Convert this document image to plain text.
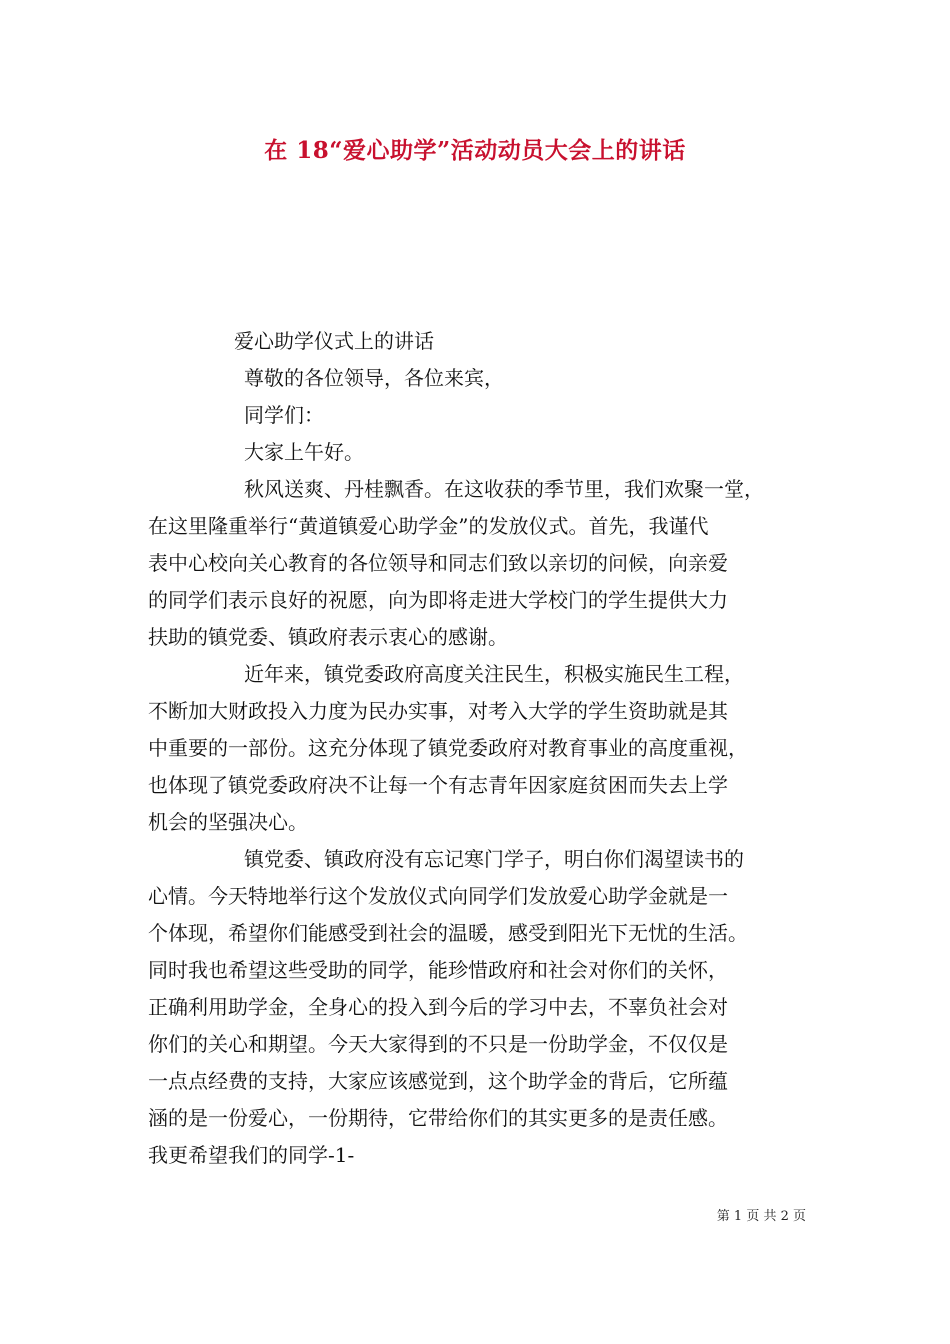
在 18“爱心助学”活动动员大会上的讲话
爱心助学仪式上的讲话
尊敬的各位领导，各位来宾，
同学们：
大家上午好。
秋风送爽、丹桂飘香。在这收获的季节里，我们欢聚一堂，
在这里隆重举行“黄道镇爱心助学金”的发放仪式。首先，我谨代
表中心校向关心教育的各位领导和同志们致以亲切的问候，向亲爱
的同学们表示良好的祝愿，向为即将走进大学校门的学生提供大力
扶助的镇党委、镇政府表示衷心的感谢。
近年来，镇党委政府高度关注民生，积极实施民生工程，
不断加大财政投入力度为民办实事，对考入大学的学生资助就是其
中重要的一部份。这充分体现了镇党委政府对教育事业的高度重视，
也体现了镇党委政府决不让每一个有志青年因家庭贫困而失去上学
机会的坚强决心。
镇党委、镇政府没有忘记寒门学子，明白你们渴望读书的
心情。今天特地举行这个发放仪式向同学们发放爱心助学金就是一
个体现，希望你们能感受到社会的温暖，感受到阳光下无忧的生活。
同时我也希望这些受助的同学，能珍惜政府和社会对你们的关怀，
正确利用助学金，全身心的投入到今后的学习中去，不辜负社会对
你们的关心和期望。今天大家得到的不只是一份助学金，不仅仅是
一点点经费的支持，大家应该感觉到，这个助学金的背后，它所蕴
涵的是一份爱心，一份期待，它带给你们的其实更多的是责任感。
我更希望我们的同学-1-
第 1 页 共 2 页
